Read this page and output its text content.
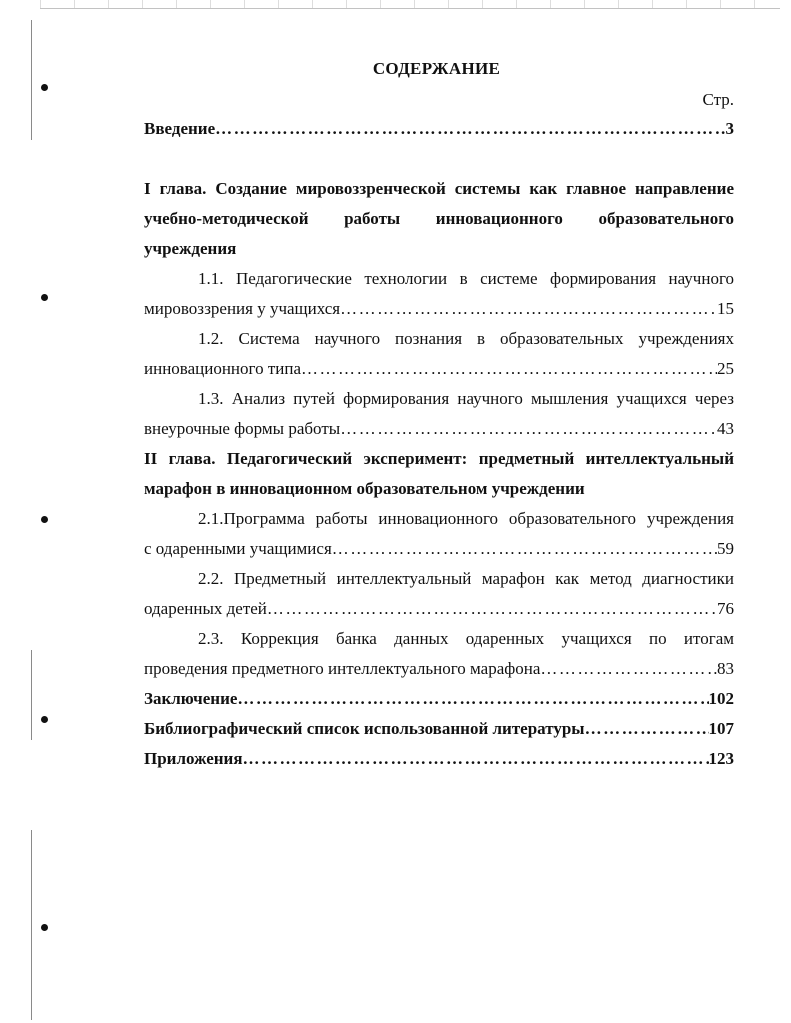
СОДЕРЖАНИЕ
Стр.
Введение ……………………………………………………………………………………………………………………………………………………	3
I глава. Создание мировоззренческой системы как главное направление
учебно-методической работы инновационного образовательного
учреждения
1.1. Педагогические технологии в системе формирования научного
мировоззрения у учащихся ……………………………………………………………………………………………………………………………………………………	15
1.2. Система научного познания в образовательных учреждениях
инновационного типа ……………………………………………………………………………………………………………………………………………………	25
1.3. Анализ путей формирования научного мышления учащихся через
внеурочные формы работы ……………………………………………………………………………………………………………………………………………………	43
II глава. Педагогический эксперимент: предметный интеллектуальный
марафон в инновационном образовательном учреждении
2.1.Программа работы инновационного образовательного учреждения
с одаренными учащимися ……………………………………………………………………………………………………………………………………………………	59
2.2. Предметный интеллектуальный марафон как метод диагностики
одаренных детей ……………………………………………………………………………………………………………………………………………………	76
2.3. Коррекция банка данных одаренных учащихся по итогам
проведения предметного интеллектуального марафона ……………………………………………………………………………………………………………………………………………………	83
Заключение ……………………………………………………………………………………………………………………………………………………	102
Библиографический список использованной литературы ……………………………………………………………………………………………………………………………………………………	107
Приложения ……………………………………………………………………………………………………………………………………………………	123
